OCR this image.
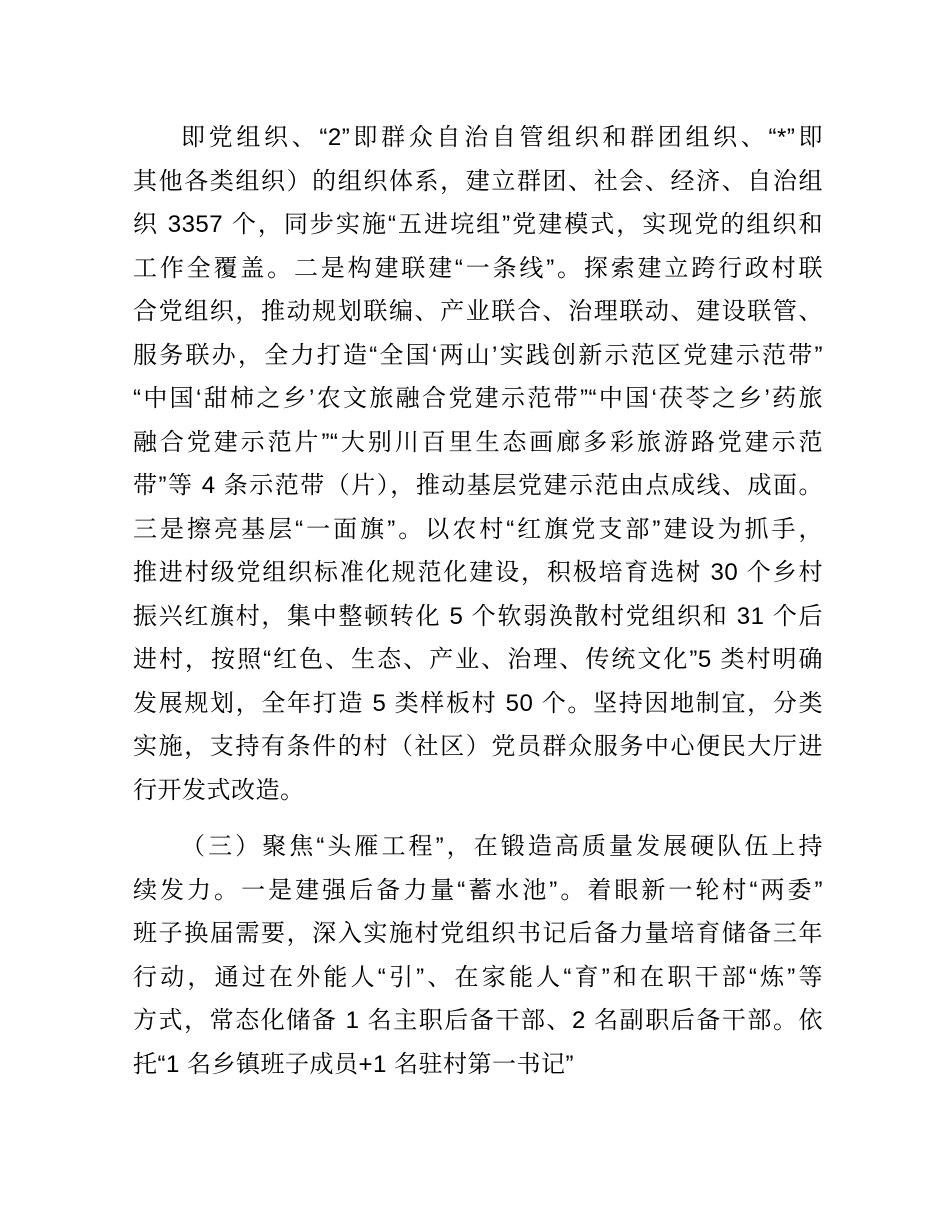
即党组织、“2”即群众自治自管组织和群团组织、“*”即
其他各类组织）的组织体系，建立群团、社会、经济、自治组
织 3357 个，同步实施“五进垸组”党建模式，实现党的组织和
工作全覆盖。二是构建联建“一条线”。探索建立跨行政村联
合党组织，推动规划联编、产业联合、治理联动、建设联管、
服务联办，全力打造“全国‘两山’实践创新示范区党建示范带”
“中国‘甜柿之乡’农文旅融合党建示范带”“中国‘茯苓之乡’药旅
融合党建示范片”“大别川百里生态画廊多彩旅游路党建示范
带”等 4 条示范带（片），推动基层党建示范由点成线、成面。
三是擦亮基层“一面旗”。以农村“红旗党支部”建设为抓手，
推进村级党组织标准化规范化建设，积极培育选树 30 个乡村
振兴红旗村，集中整顿转化 5 个软弱涣散村党组织和 31 个后
进村，按照“红色、生态、产业、治理、传统文化”5 类村明确
发展规划，全年打造 5 类样板村 50 个。坚持因地制宜，分类
实施，支持有条件的村（社区）党员群众服务中心便民大厅进
行开发式改造。

（三）聚焦“头雁工程”，在锻造高质量发展硬队伍上持
续发力。一是建强后备力量“蓄水池”。着眼新一轮村“两委”
班子换届需要，深入实施村党组织书记后备力量培育储备三年
行动，通过在外能人“引”、在家能人“育”和在职干部“炼”等
方式，常态化储备 1 名主职后备干部、2 名副职后备干部。依
托“1 名乡镇班子成员+1 名驻村第一书记”
